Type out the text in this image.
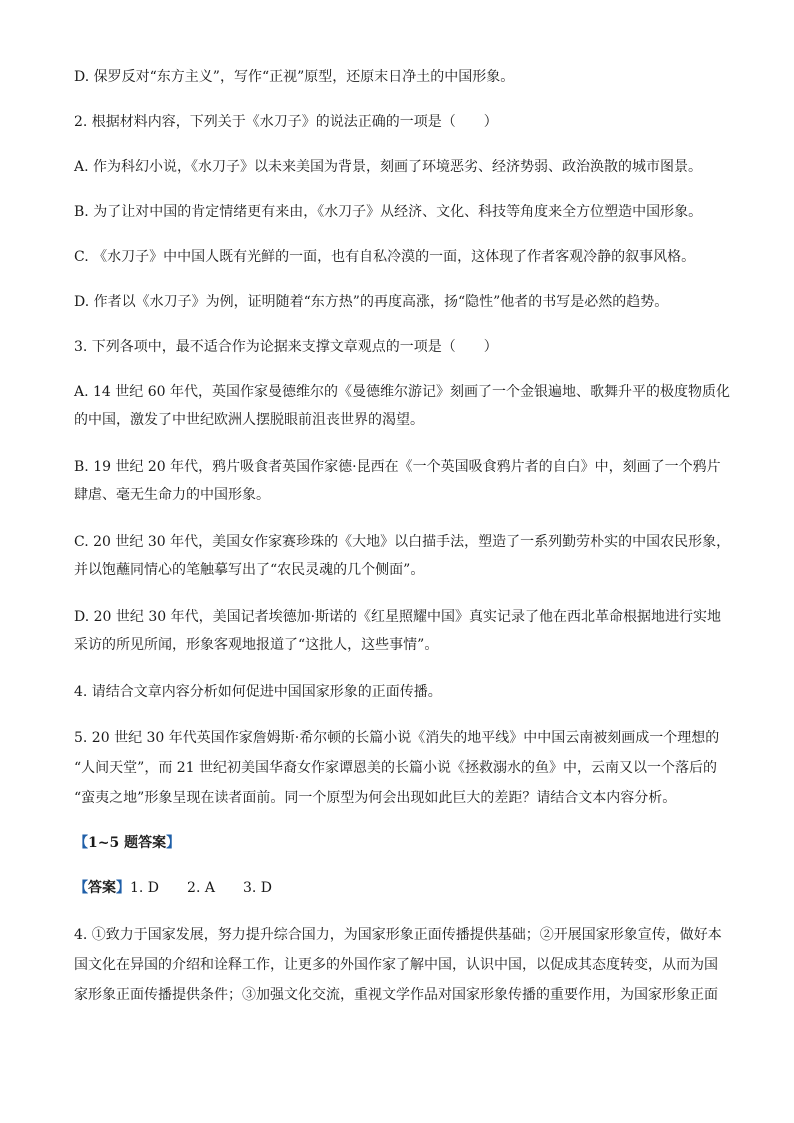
D. 保罗反对“东方主义”，写作“正视”原型，还原末日净土的中国形象。
2. 根据材料内容，下列关于《水刀子》的说法正确的一项是（　　）
A. 作为科幻小说，《水刀子》以未来美国为背景，刻画了环境恶劣、经济势弱、政治涣散的城市图景。
B. 为了让对中国的肯定情绪更有来由，《水刀子》从经济、文化、科技等角度来全方位塑造中国形象。
C. 《水刀子》中中国人既有光鲜的一面，也有自私冷漠的一面，这体现了作者客观冷静的叙事风格。
D. 作者以《水刀子》为例，证明随着“东方热”的再度高涨，扬“隐性”他者的书写是必然的趋势。
3. 下列各项中，最不适合作为论据来支撑文章观点的一项是（　　）
A. 14 世纪 60 年代，英国作家曼德维尔的《曼德维尔游记》刻画了一个金银遍地、歌舞升平的极度物质化
的中国，激发了中世纪欧洲人摆脱眼前沮丧世界的渴望。
B. 19 世纪 20 年代，鸦片吸食者英国作家德·昆西在《一个英国吸食鸦片者的自白》中，刻画了一个鸦片
肆虐、毫无生命力的中国形象。
C. 20 世纪 30 年代，美国女作家赛珍珠的《大地》以白描手法，塑造了一系列勤劳朴实的中国农民形象，
并以饱蘸同情心的笔触摹写出了“农民灵魂的几个侧面”。
D. 20 世纪 30 年代，美国记者埃德加·斯诺的《红星照耀中国》真实记录了他在西北革命根据地进行实地
采访的所见所闻，形象客观地报道了“这批人，这些事情”。
4. 请结合文章内容分析如何促进中国国家形象的正面传播。
5. 20 世纪 30 年代英国作家詹姆斯·希尔顿的长篇小说《消失的地平线》中中国云南被刻画成一个理想的
“人间天堂”，而 21 世纪初美国华裔女作家谭恩美的长篇小说《拯救溺水的鱼》中，云南又以一个落后的
“蛮夷之地”形象呈现在读者面前。同一个原型为何会出现如此巨大的差距？请结合文本内容分析。
【1~5 题答案】
【答案】1. D　　2. A　　3. D
4. ①致力于国家发展，努力提升综合国力，为国家形象正面传播提供基础；②开展国家形象宣传，做好本
国文化在异国的介绍和诠释工作，让更多的外国作家了解中国，认识中国，以促成其态度转变，从而为国
家形象正面传播提供条件；③加强文化交流，重视文学作品对国家形象传播的重要作用，为国家形象正面
